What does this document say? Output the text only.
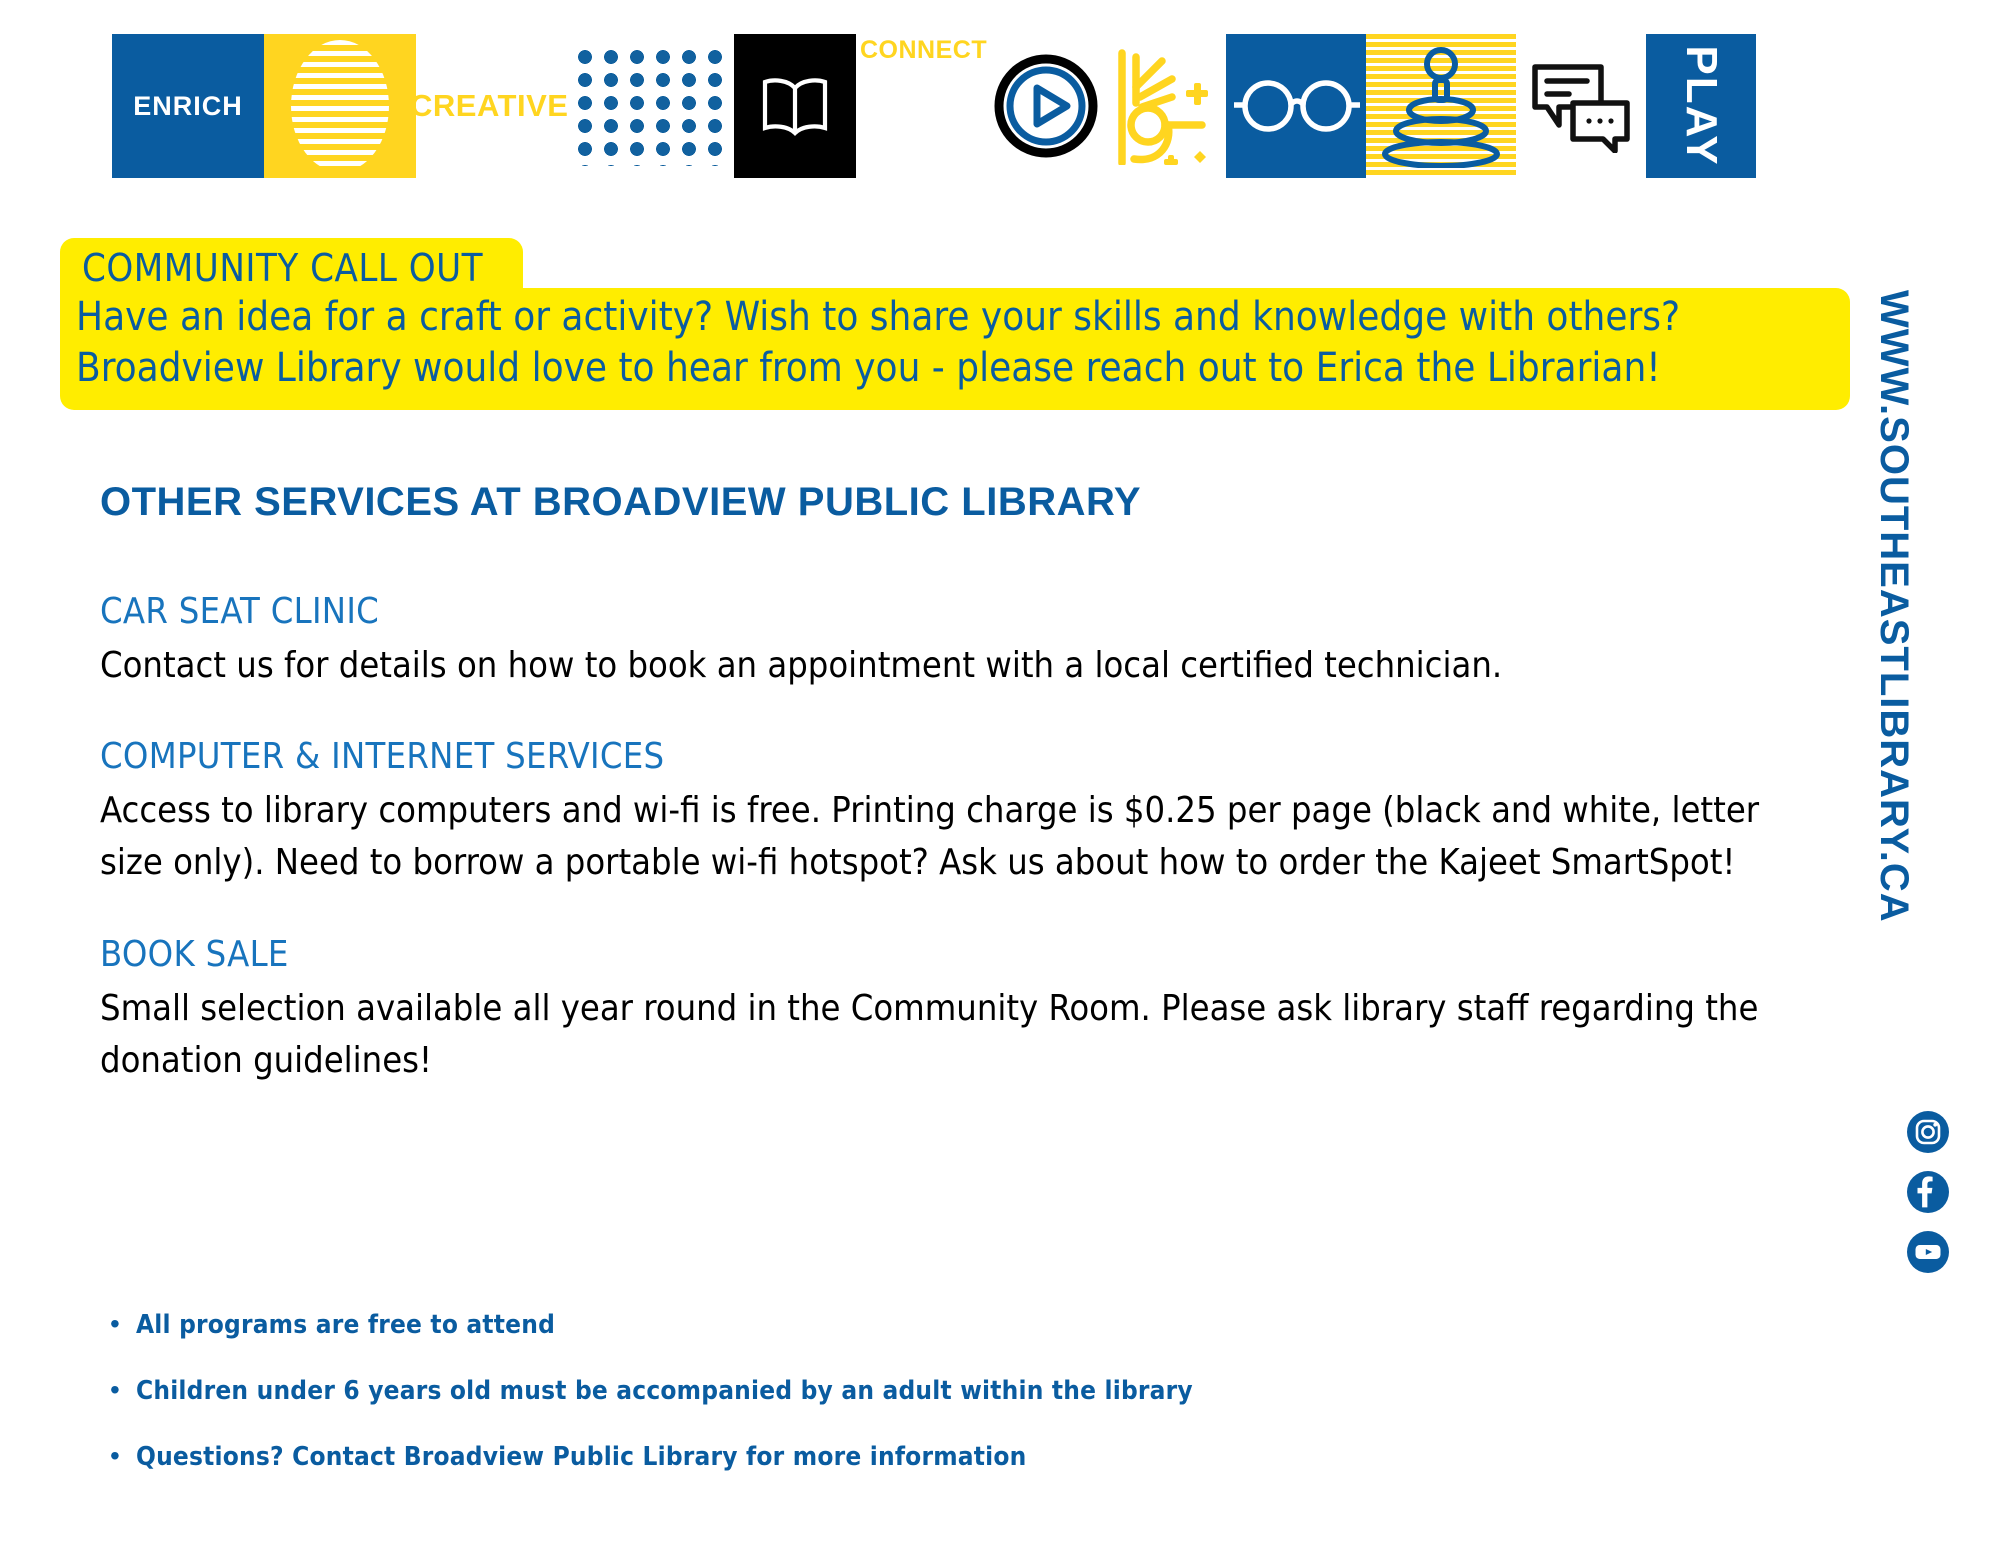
ENRICH	CREATIVE
CONNECT	PLAY
COMMUNITY CALL OUT

Have an idea for a craft or activity? Wish to share your skills and knowledge with others?

Broadview Library would love to hear from you - please reach out to Erica the Librarian!

OTHER SERVICES AT BROADVIEW PUBLIC LIBRARY
CAR SEAT CLINIC

Contact us for details on how to book an appointment with a local certified technician.

COMPUTER & INTERNET SERVICES

Access to library computers and wi-fi is free. Printing charge is $0.25 per page (black and white, letter size only). Need to borrow a portable wi-fi hotspot? Ask us about how to order the Kajeet SmartSpot!

BOOK SALE

Small selection available all year round in the Community Room. Please ask library staff regarding the donation guidelines!

• All programs are free to attend
• Children under 6 years old must be accompanied by an adult within the library
• Questions? Contact Broadview Public Library for more information
WWW.SOUTHEASTLIBRARY.CA
